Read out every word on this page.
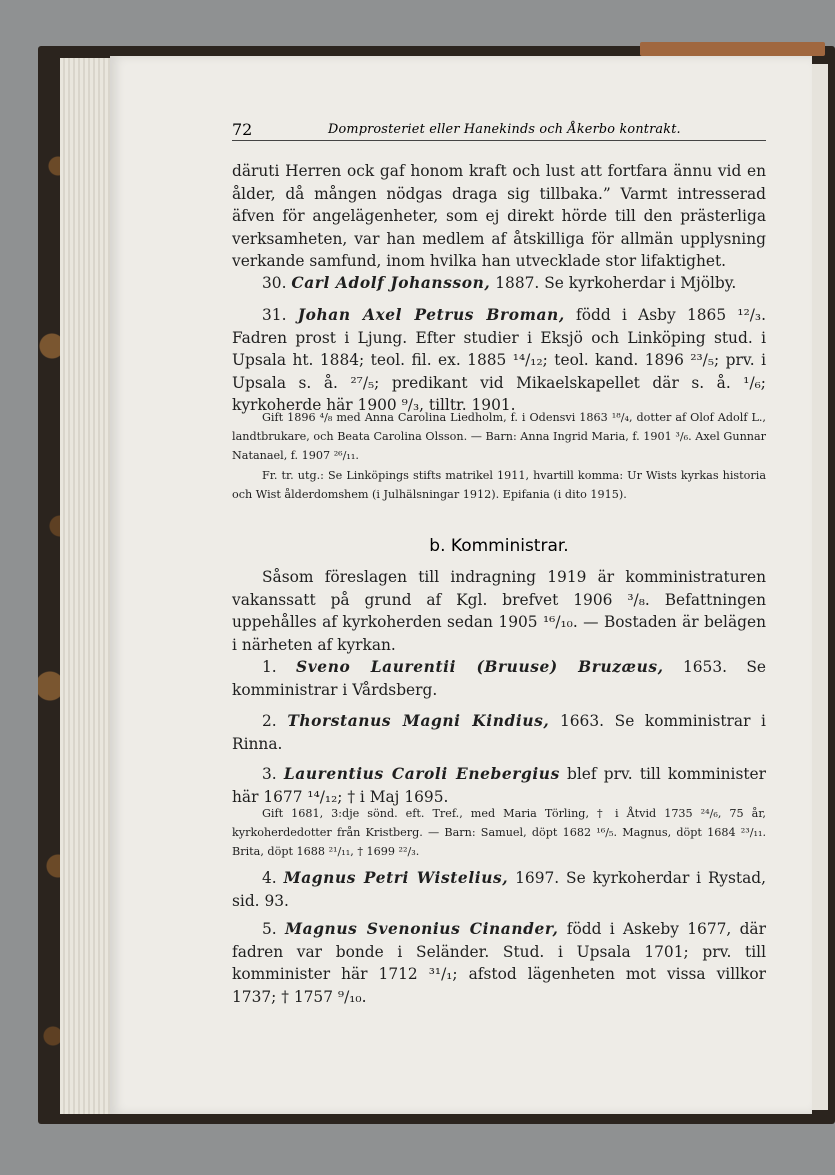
72	Domprosteriet eller Hanekinds och Åkerbo kontrakt.
däruti Herren ock gaf honom kraft och lust att fortfara ännu vid en ålder, då mången nödgas draga sig tillbaka.” Varmt intresserad äfven för angelägenheter, som ej direkt hörde till den prästerliga verksamheten, var han medlem af åtskilliga för allmän upplysning verkande samfund, inom hvilka han utvecklade stor lifaktighet.
30. Carl Adolf Johansson, 1887. Se kyrkoherdar i Mjölby.
31. Johan Axel Petrus Broman, född i Asby 1865 ¹²/₃. Fadren prost i Ljung. Efter studier i Eksjö och Linköping stud. i Upsala ht. 1884; teol. fil. ex. 1885 ¹⁴/₁₂; teol. kand. 1896 ²³/₅; prv. i Upsala s. å. ²⁷/₅; predikant vid Mikaelskapellet där s. å. ¹/₆; kyrkoherde här 1900 ⁹/₃, tilltr. 1901.
Gift 1896 ⁴/₈ med Anna Carolina Liedholm, f. i Odensvi 1863 ¹⁸/₄, dotter af Olof Adolf L., landtbrukare, och Beata Carolina Olsson. — Barn: Anna Ingrid Maria, f. 1901 ³/₆. Axel Gunnar Natanael, f. 1907 ²⁶/₁₁.
Fr. tr. utg.: Se Linköpings stifts matrikel 1911, hvartill komma: Ur Wists kyrkas historia och Wist ålderdomshem (i Julhälsningar 1912). Epifania (i dito 1915).
b. Komministrar.
Såsom föreslagen till indragning 1919 är komministraturen vakanssatt på grund af Kgl. brefvet 1906 ³/₈. Befattningen uppehålles af kyrkoherden sedan 1905 ¹⁶/₁₀. — Bostaden är belägen i närheten af kyrkan.
1. Sveno Laurentii (Bruuse) Bruzæus, 1653. Se komministrar i Vårdsberg.
2. Thorstanus Magni Kindius, 1663. Se komministrar i Rinna.
3. Laurentius Caroli Enebergius blef prv. till komminister här 1677 ¹⁴/₁₂; † i Maj 1695.
Gift 1681, 3:dje sönd. eft. Tref., med Maria Törling, † i Åtvid 1735 ²⁴/₆, 75 år, kyrkoherdedotter från Kristberg. — Barn: Samuel, döpt 1682 ¹⁶/₅. Magnus, döpt 1684 ²³/₁₁. Brita, döpt 1688 ²¹/₁₁, † 1699 ²²/₃.
4. Magnus Petri Wistelius, 1697. Se kyrkoherdar i Rystad, sid. 93.
5. Magnus Svenonius Cinander, född i Askeby 1677, där fadren var bonde i Seländer. Stud. i Upsala 1701; prv. till komminister här 1712 ³¹/₁; afstod lägenheten mot vissa villkor 1737; † 1757 ⁹/₁₀.
